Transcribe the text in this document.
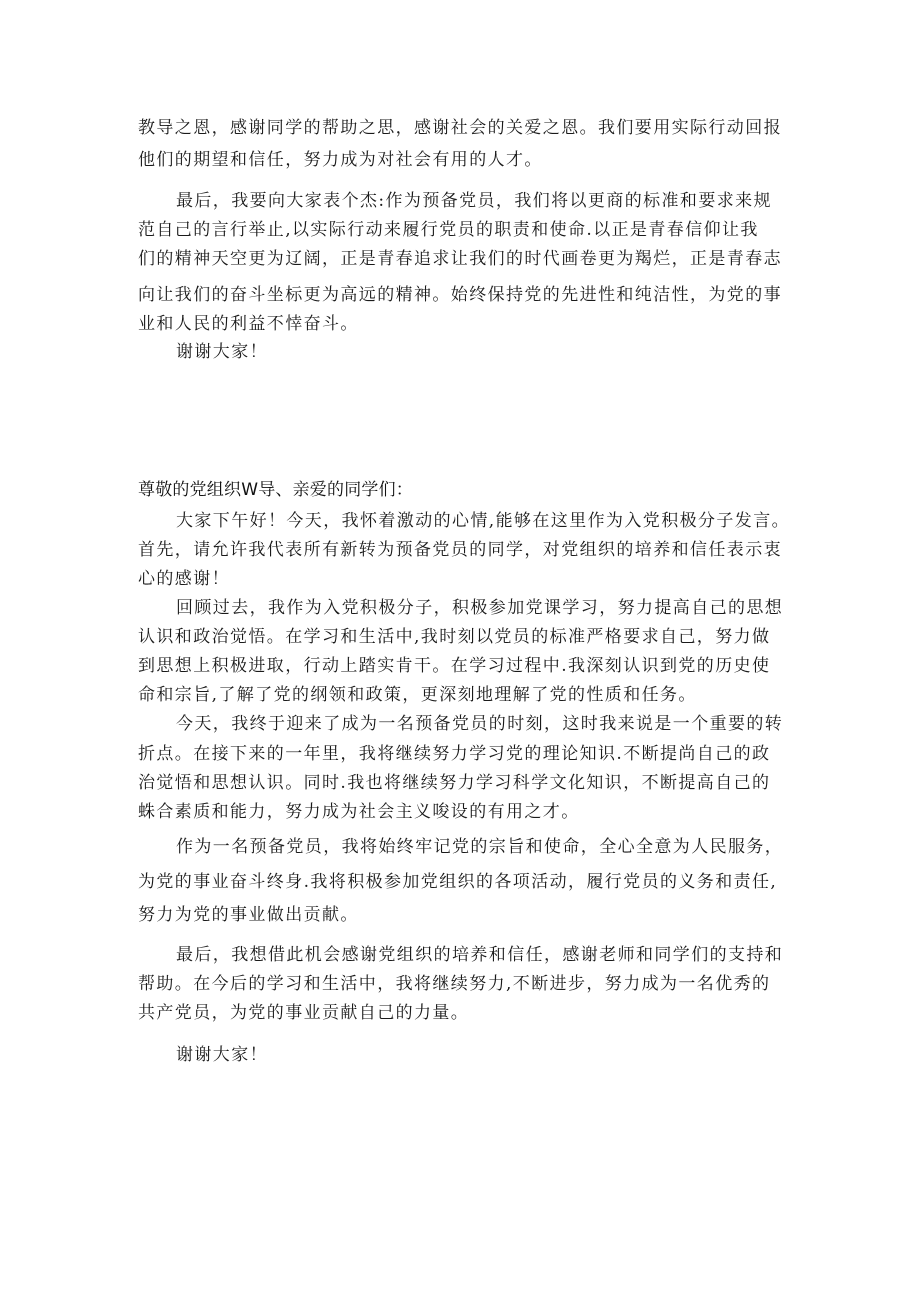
教导之恩，感谢同学的帮助之思，感谢社会的关爱之恩。我们要用实际行动回报
他们的期望和信任，努力成为对社会有用的人才。
最后，我要向大家表个杰:作为预备党员，我们将以更商的标准和要求来规
范自己的言行举止,以实际行动来履行党员的职责和使命.以正是青春信仰让我
们的精神天空更为辽阔，正是青春追求让我们的时代画卷更为羯烂，正是青春志
向让我们的奋斗坐标更为高远的精神。始终保持党的先进性和纯洁性，为党的事
业和人民的利益不悻奋斗。
谢谢大家！
尊敬的党组织W导、亲爱的同学们：
大家下午好！今天，我怀着激动的心情,能够在这里作为入党积极分子发言。
首先，请允许我代表所有新转为预备党员的同学，对党组织的培养和信任表示衷
心的感谢！
回顾过去，我作为入党积极分子，积极参加党课学习，努力提高自己的思想
认识和政治觉悟。在学习和生活中,我时刻以党员的标准严格要求自己，努力做
到思想上积极进取，行动上踏实肯干。在学习过程中.我深刻认识到党的历史使
命和宗旨,了解了党的纲领和政策，更深刻地理解了党的性质和任务。
今天，我终于迎来了成为一名预备党员的时刻，这时我来说是一个重要的转
折点。在接下来的一年里，我将继续努力学习党的理论知识.不断提尚自己的政
治觉悟和思想认识。同时.我也将继续努力学习科学文化知识，不断提高自己的
蛛合素质和能力，努力成为社会主义唆设的有用之才。
作为一名预备党员，我将始终牢记党的宗旨和使命，全心全意为人民服务，
为党的事业奋斗终身.我将积极参加党组织的各项活动，履行党员的义务和责任,
努力为党的事业做出贡献。
最后，我想借此机会感谢党组织的培养和信任，感谢老师和同学们的支持和
帮助。在今后的学习和生活中，我将继续努力,不断进步，努力成为一名优秀的
共产党员，为党的事业贡献自己的力量。
谢谢大家！
